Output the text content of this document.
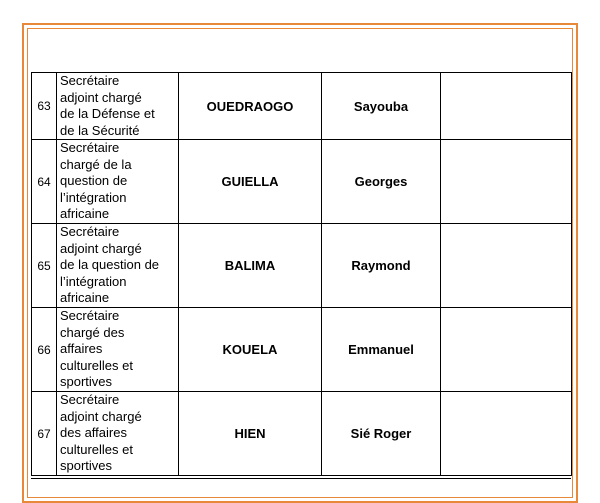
63	Secrétaire
adjoint chargé
de la Défense et
de la Sécurité	OUEDRAOGO	Sayouba	
64	Secrétaire
chargé de la
question de
l’intégration
africaine	GUIELLA	Georges	
65	Secrétaire
adjoint chargé
de la question de
l’intégration
africaine	BALIMA	Raymond	
66	Secrétaire
chargé des
affaires
culturelles et
sportives	KOUELA	Emmanuel	
67	Secrétaire
adjoint chargé
des affaires
culturelles et
sportives	HIEN	Sié Roger	
